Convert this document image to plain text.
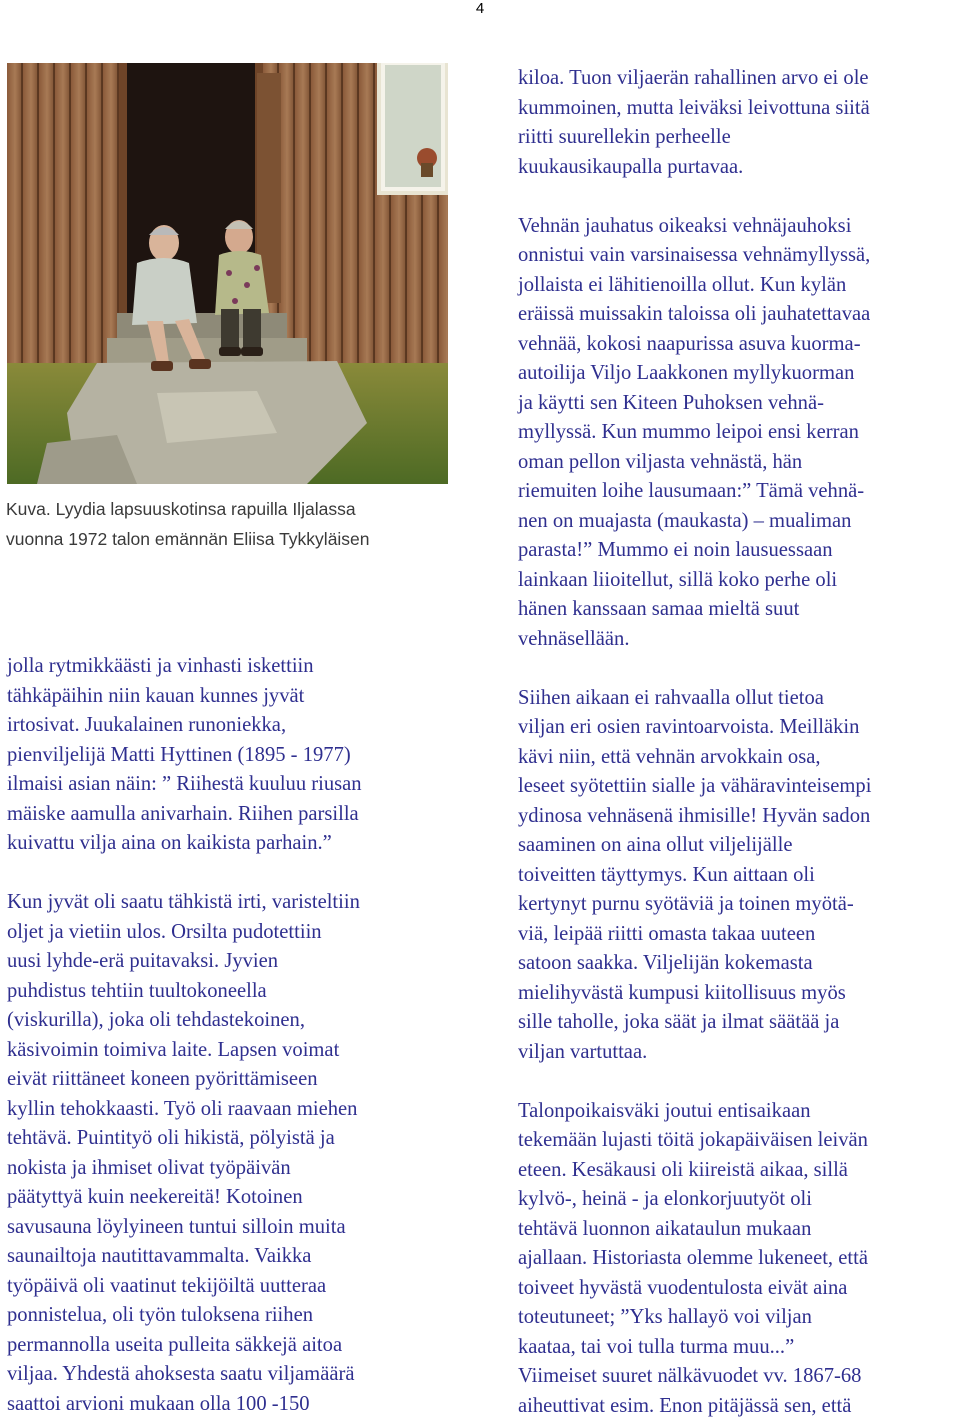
4
Kuva. Lyydia lapsuuskotinsa rapuilla Iljalassa
vuonna 1972 talon emännän Eliisa Tykkyläisen

jolla rytmikkäästi ja vinhasti iskettiin

tähkäpäihin niin kauan kunnes jyvät

irtosivat. Juukalainen runoniekka,

pienviljelijä Matti Hyttinen (1895 - 1977)

ilmaisi asian näin: ” Riihestä kuuluu riusan

mäiske aamulla anivarhain. Riihen parsilla

kuivattu vilja aina on kaikista parhain.”

Kun jyvät oli saatu tähkistä irti, varisteltiin

oljet ja vietiin ulos. Orsilta pudotettiin

uusi lyhde-erä puitavaksi. Jyvien

puhdistus tehtiin tuultokoneella

(viskurilla), joka oli tehdastekoinen,

käsivoimin toimiva laite. Lapsen voimat

eivät riittäneet koneen pyörittämiseen

kyllin tehokkaasti. Työ oli raavaan miehen

tehtävä. Puintityö oli hikistä, pölyistä ja

nokista ja ihmiset olivat työpäivän

päätyttyä kuin neekereitä! Kotoinen

savusauna löylyineen tuntui silloin muita

saunailtoja nautittavammalta. Vaikka

työpäivä oli vaatinut tekijöiltä uutteraa

ponnistelua, oli työn tuloksena riihen

permannolla useita pulleita säkkejä aitoa

viljaa. Yhdestä ahoksesta saatu viljamäärä

saattoi arvioni mukaan olla 100 -150

kiloa. Tuon viljaerän rahallinen arvo ei ole

kummoinen, mutta leiväksi leivottuna siitä

riitti suurellekin perheelle

kuukausikaupalla purtavaa.

Vehnän jauhatus oikeaksi vehnäjauhoksi

onnistui vain varsinaisessa vehnämyllyssä,

jollaista ei lähitienoilla ollut. Kun kylän

eräissä muissakin taloissa oli jauhatettavaa

vehnää, kokosi naapurissa asuva kuorma-

autoilija Viljo Laakkonen myllykuorman

ja käytti sen Kiteen Puhoksen vehnä-

myllyssä. Kun mummo leipoi ensi kerran

oman pellon viljasta vehnästä, hän

riemuiten loihe lausumaan:” Tämä vehnä-

nen on muajasta (maukasta) – mualiman

parasta!” Mummo ei noin lausuessaan

lainkaan liioitellut, sillä koko perhe oli

hänen kanssaan samaa mieltä suut

vehnäsellään.

Siihen aikaan ei rahvaalla ollut tietoa

viljan eri osien ravintoarvoista. Meilläkin

kävi niin, että vehnän arvokkain osa,

leseet syötettiin sialle ja vähäravinteisempi

ydinosa vehnäsenä ihmisille! Hyvän sadon

saaminen on aina ollut viljelijälle

toiveitten täyttymys. Kun aittaan oli

kertynyt purnu syötäviä ja toinen myötä-

viä, leipää riitti omasta takaa uuteen

satoon saakka. Viljelijän kokemasta

mielihyvästä kumpusi kiitollisuus myös

sille taholle, joka säät ja ilmat säätää ja

viljan vartuttaa.

Talonpoikaisväki joutui entisaikaan

tekemään lujasti töitä jokapäiväisen leivän

eteen. Kesäkausi oli kiireistä aikaa, sillä

kylvö-, heinä - ja elonkorjuutyöt oli

tehtävä luonnon aikataulun mukaan

ajallaan. Historiasta olemme lukeneet, että

toiveet hyvästä vuodentulosta eivät aina

toteutuneet; ”Yks hallayö voi viljan

kaataa, tai voi tulla turma muu...”

Viimeiset suuret nälkävuodet vv. 1867-68

aiheuttivat esim. Enon pitäjässä sen, että
